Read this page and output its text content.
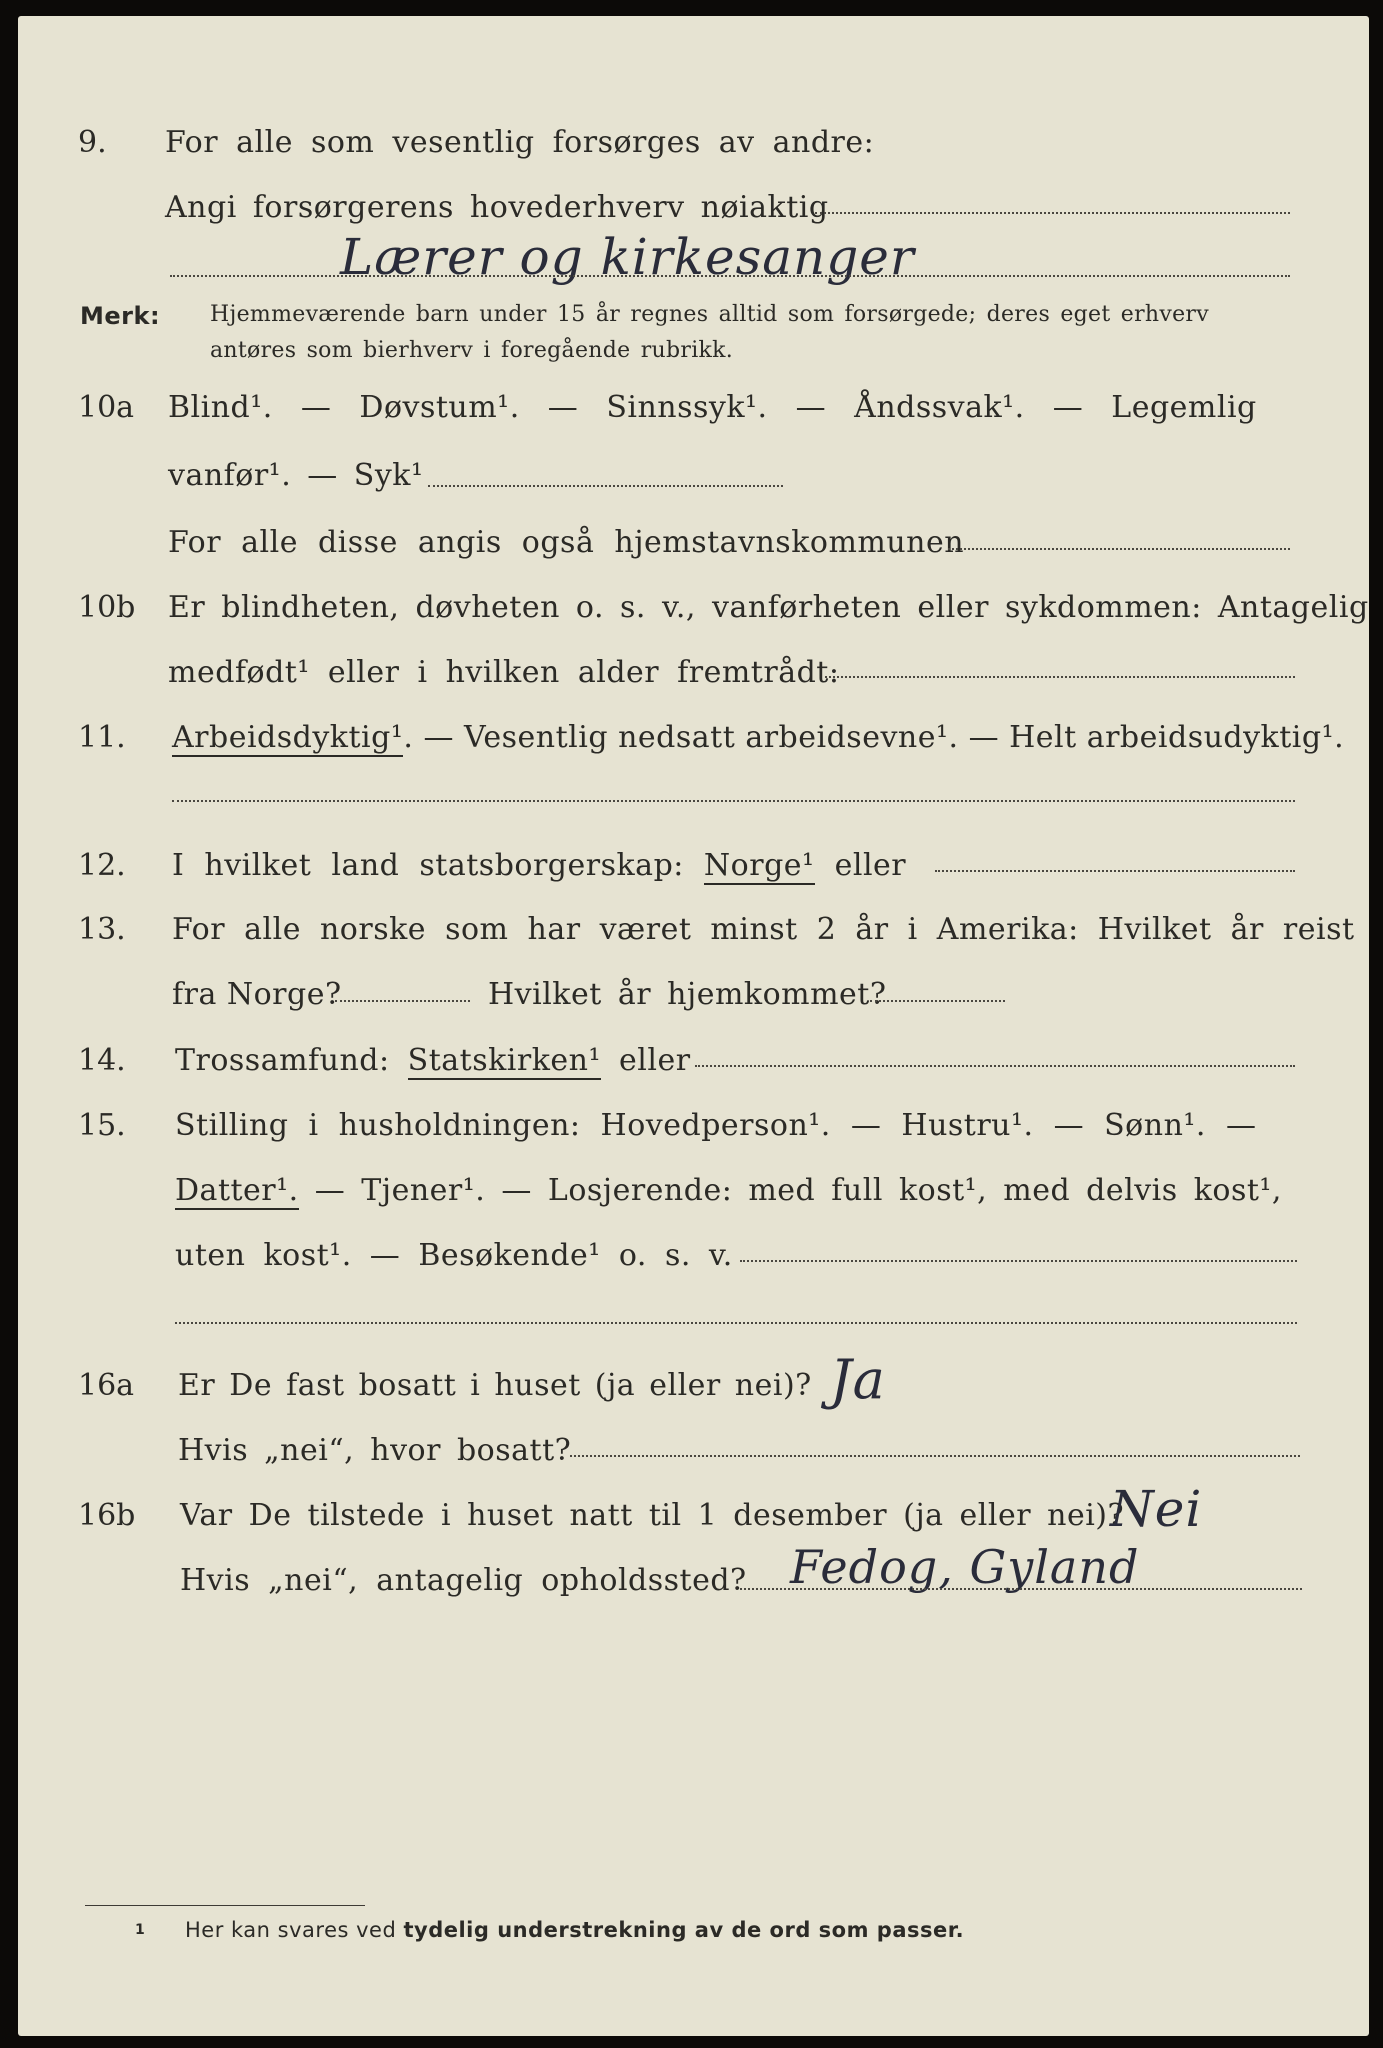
9. For alle som vesentlig forsørges av andre:
Angi forsørgerens hovederhverv nøiaktig
Lærer og kirkesanger
Merk: Hjemmeværende barn under 15 år regnes alltid som forsørgede; deres eget erhverv
antøres som bierhverv i foregående rubrikk.
10a Blind¹. — Døvstum¹. — Sinnssyk¹. — Åndssvak¹. — Legemlig
vanfør¹. — Syk¹
For alle disse angis også hjemstavnskommunen
10b Er blindheten, døvheten o. s. v., vanførheten eller sykdommen: Antagelig
medfødt¹ eller i hvilken alder fremtrådt:
11. Arbeidsdyktig¹. — Vesentlig nedsatt arbeidsevne¹. — Helt arbeidsudyktig¹.
12. I hvilket land statsborgerskap: Norge¹ eller
13. For alle norske som har været minst 2 år i Amerika: Hvilket år reist
fra Norge?	Hvilket år hjemkommet?
14. Trossamfund: Statskirken¹ eller
15. Stilling i husholdningen: Hovedperson¹. — Hustru¹. — Sønn¹. —
Datter¹. — Tjener¹. — Losjerende: med full kost¹, med delvis kost¹,
uten kost¹. — Besøkende¹ o. s. v.
16a Er De fast bosatt i huset (ja eller nei)? Ja
Hvis „nei“, hvor bosatt?
16b Var De tilstede i huset natt til 1 desember (ja eller nei)?
Nei
Hvis „nei“, antagelig opholdssted? Fedog, Gyland
1 Her kan svares ved tydelig understrekning av de ord som passer.
